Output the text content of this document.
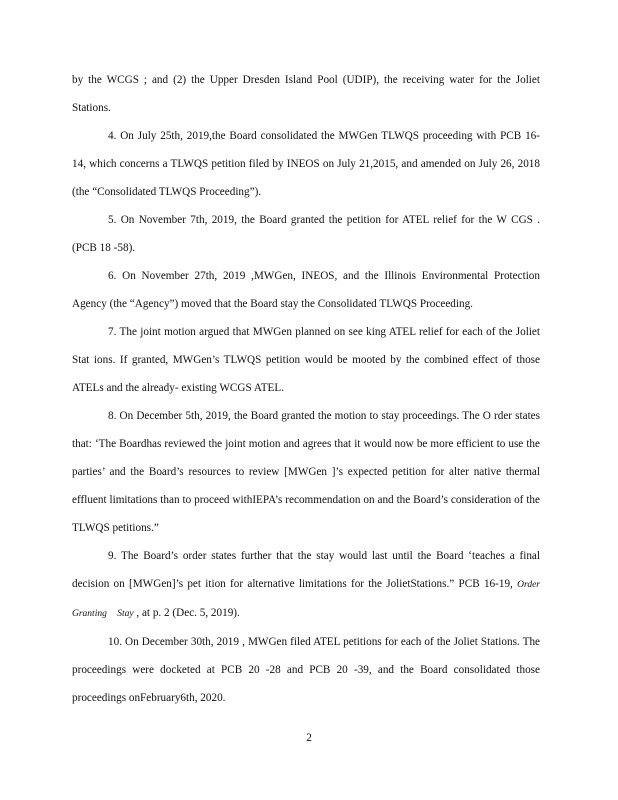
by the WCGS ; and (2) the Upper Dresden Island Pool (UDIP), the receiving water for the Joliet Stations.

4. On July 25th, 2019,the Board consolidated the MWGen TLWQS proceeding with PCB 16- 14, which concerns a TLWQS petition filed by INEOS on July 21,2015, and amended on July 26, 2018 (the “Consolidated TLWQS Proceeding”).

5. On November 7th, 2019, the Board granted the petition for ATEL relief for the W CGS . (PCB 18 -58).

6. On November 27th, 2019 ,MWGen, INEOS, and the Illinois Environmental Protection Agency (the “Agency”) moved that the Board stay the Consolidated TLWQS Proceeding.

7. The joint motion argued that MWGen planned on see king ATEL relief for each of the Joliet Stat ions. If granted, MWGen’s TLWQS petition would be mooted by the combined effect of those ATELs and the already- existing WCGS ATEL.

8. On December 5th, 2019, the Board granted the motion to stay proceedings. The O rder states that: ‘The Boardhas reviewed the joint motion and agrees that it would now be more efficient to use the parties’ and the Board’s resources to review [MWGen ]’s expected petition for alter native thermal effluent limitations than to proceed withIEPA’s recommendation on and the Board’s consideration of the TLWQS petitions.”

9. The Board’s order states further that the stay would last until the Board ‘teaches a final decision on [MWGen]’s pet ition for alternative limitations for the JolietStations.” PCB 16-19, Order Granting Stay , at p. 2 (Dec. 5, 2019).

10. On December 30th, 2019 , MWGen filed ATEL petitions for each of the Joliet Stations. The proceedings were docketed at PCB 20 -28 and PCB 20 -39, and the Board consolidated those proceedings onFebruary6th, 2020.

2
